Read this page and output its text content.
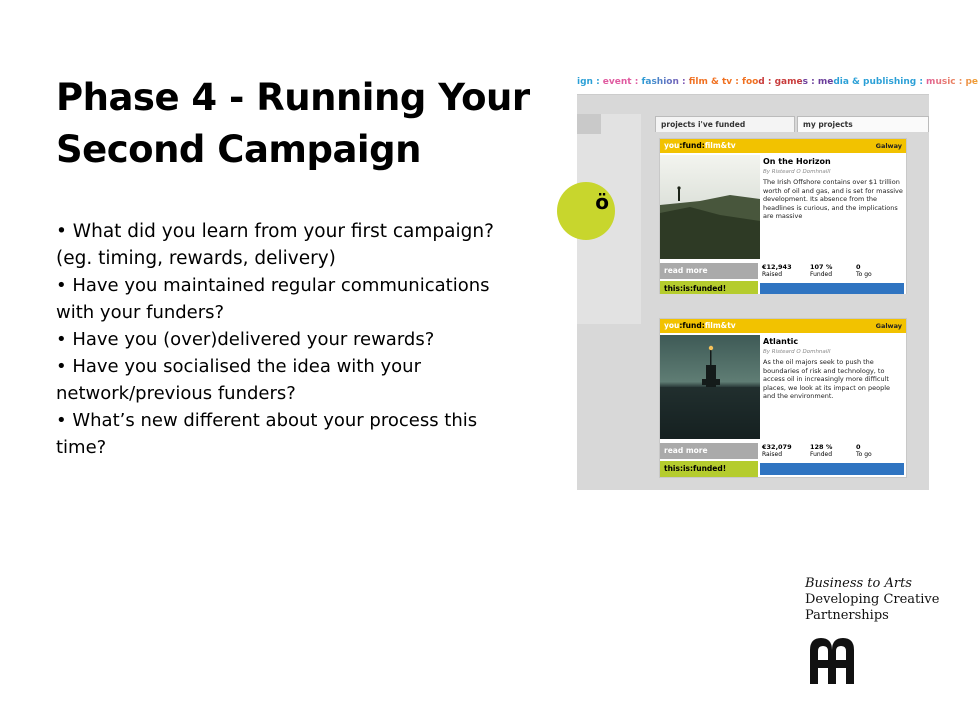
Phase 4 - Running Your Second Campaign
• What did you learn from your first campaign? (eg. timing, rewards, delivery)
• Have you maintained regular communications with your funders?
• Have you (over)delivered your rewards?
• Have you socialised the idea with your network/previous funders?
• What’s new different about your process this time?
ign : event : fashion : film & tv : food : games : media & publishing : music : pe
ö
projects i've funded	my projects
you:fund:film&tv	Galway

On the Horizon

By Risteard O Domhnaill

The Irish Offshore contains over $1 trillion worth of oil and gas, and is set for massive development. Its absence from the headlines is curious, and the implications are massive

read more
this:is:funded!
€12,943
Raised
107 %
Funded
0
To go
you:fund:film&tv	Galway

Atlantic

By Risteard O Domhnaill

As the oil majors seek to push the boundaries of risk and technology, to access oil in increasingly more difficult places, we look at its impact on people and the environment.

read more
this:is:funded!
€32,079
Raised
128 %
Funded
0
To go
Business to Arts
Developing Creative
Partnerships
